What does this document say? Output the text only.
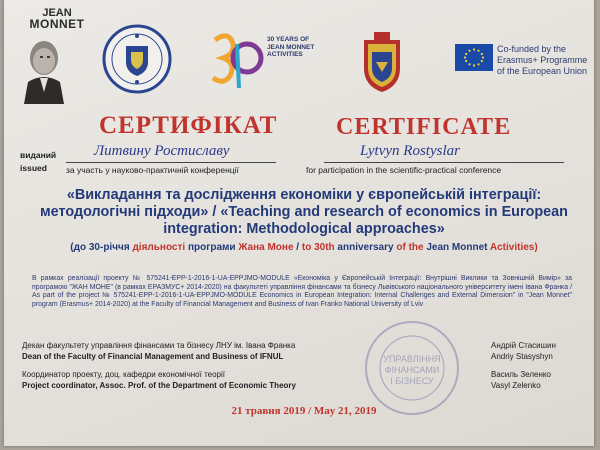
JEAN
MONNET
30 YEARS OF
JEAN MONNET
ACTIVITIES
Co-funded by the
Erasmus+ Programme
of the European Union
СЕРТИФІКАТ CERTIFICATE
виданий
issued
Литвину Ростиславу	Lytvyn Rostyslar
за участь у науково-практичній конференції	for participation in the scientific-practical conference
«Викладання та дослідження економіки у європейській інтеграції: методологічні підходи» / «Teaching and research of economics in European integration: Methodological approaches»
(до 30-річчя діяльності програми Жана Моне / to 30th anniversary of the Jean Monnet Activities)
В рамках реалізації проекту № 575241-EPP-1-2016-1-UA-EPPJMO-MODULE «Економіка у Європейській Інтеграції: Внутрішні Виклики та Зовнішній Вимір» за програмою "ЖАН МОНЕ" (в рамках ЕРАЗМУС+ 2014-2020) на факультеті управління фінансами та бізнесу Львівського національного університету імені Івана Франка / As part of the project № 575241-EPP-1-2016-1-UA-EPPJMO-MODULE Economics in European Integration: Internal Challenges and External Dimension" in "Jean Monnet" program (Erasmus+ 2014-2020) at the Faculty of Financial Management and Business of Ivan Franko National University of Lviv
УПРАВЛІННЯ
ФІНАНСАМИ
І БІЗНЕСУ
Декан факультету управління фінансами та бізнесу ЛНУ ім. Івана Франка
Dean of the Faculty of Financial Management and Business of IFNUL
Андрій Стасишин
Andriy Stasyshyn
Координатор проекту, доц. кафедри економічної теорії
Project coordinator, Assoc. Prof. of the Department of Economic Theory
Василь Зеленко
Vasyl Zelenko
21 травня 2019 / May 21, 2019
